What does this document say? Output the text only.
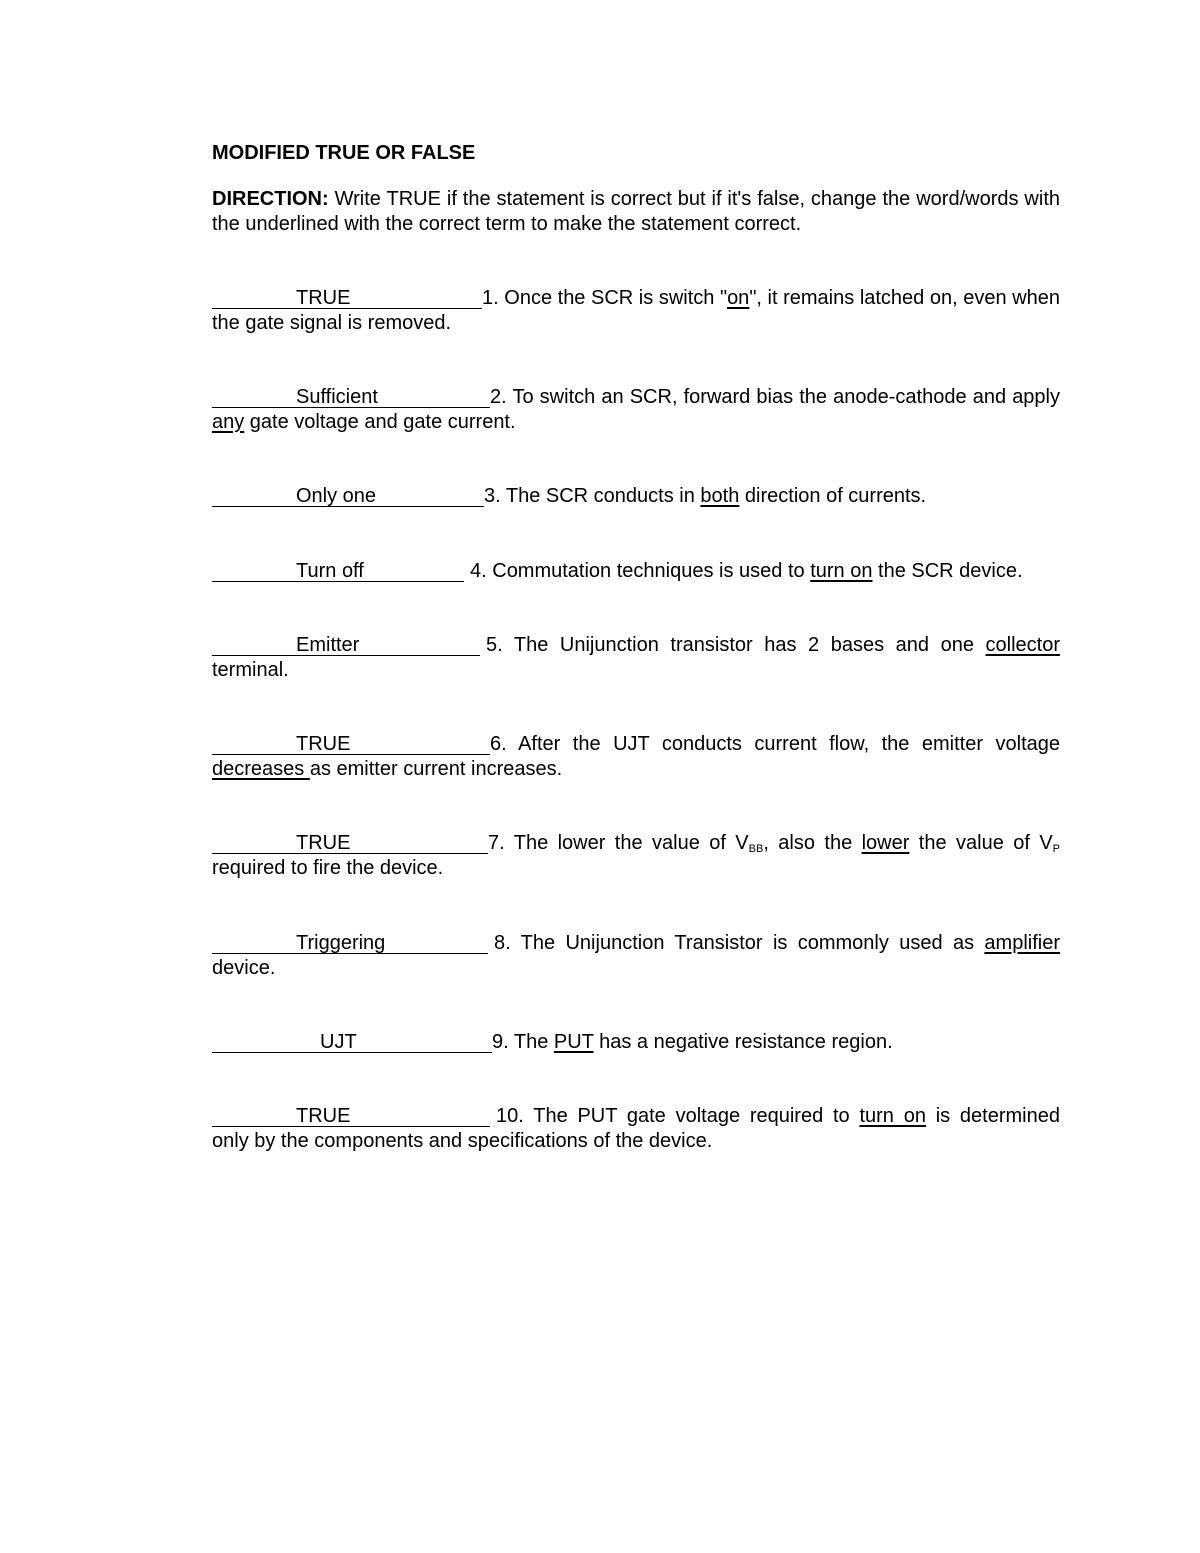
MODIFIED TRUE OR FALSE
DIRECTION: Write TRUE if the statement is correct but if it's false, change the word/words with the underlined with the correct term to make the statement correct.
TRUE	1. Once the SCR is switch "on", it remains latched on, even when the gate signal is removed.
Sufficient	2. To switch an SCR, forward bias the anode-cathode and apply any gate voltage and gate current.
Only one	3. The SCR conducts in both direction of currents.
Turn off	4. Commutation techniques is used to turn on the SCR device.
Emitter	5. The Unijunction transistor has 2 bases and one collector terminal.
TRUE	6. After the UJT conducts current flow, the emitter voltage decreases as emitter current increases.
TRUE	7. The lower the value of $V_{BB}$, also the lower the value of $V_P$ required to fire the device.
Triggering	8. The Unijunction Transistor is commonly used as amplifier device.
UJT	9. The PUT has a negative resistance region.
TRUE	10. The PUT gate voltage required to turn on is determined only by the components and specifications of the device.
